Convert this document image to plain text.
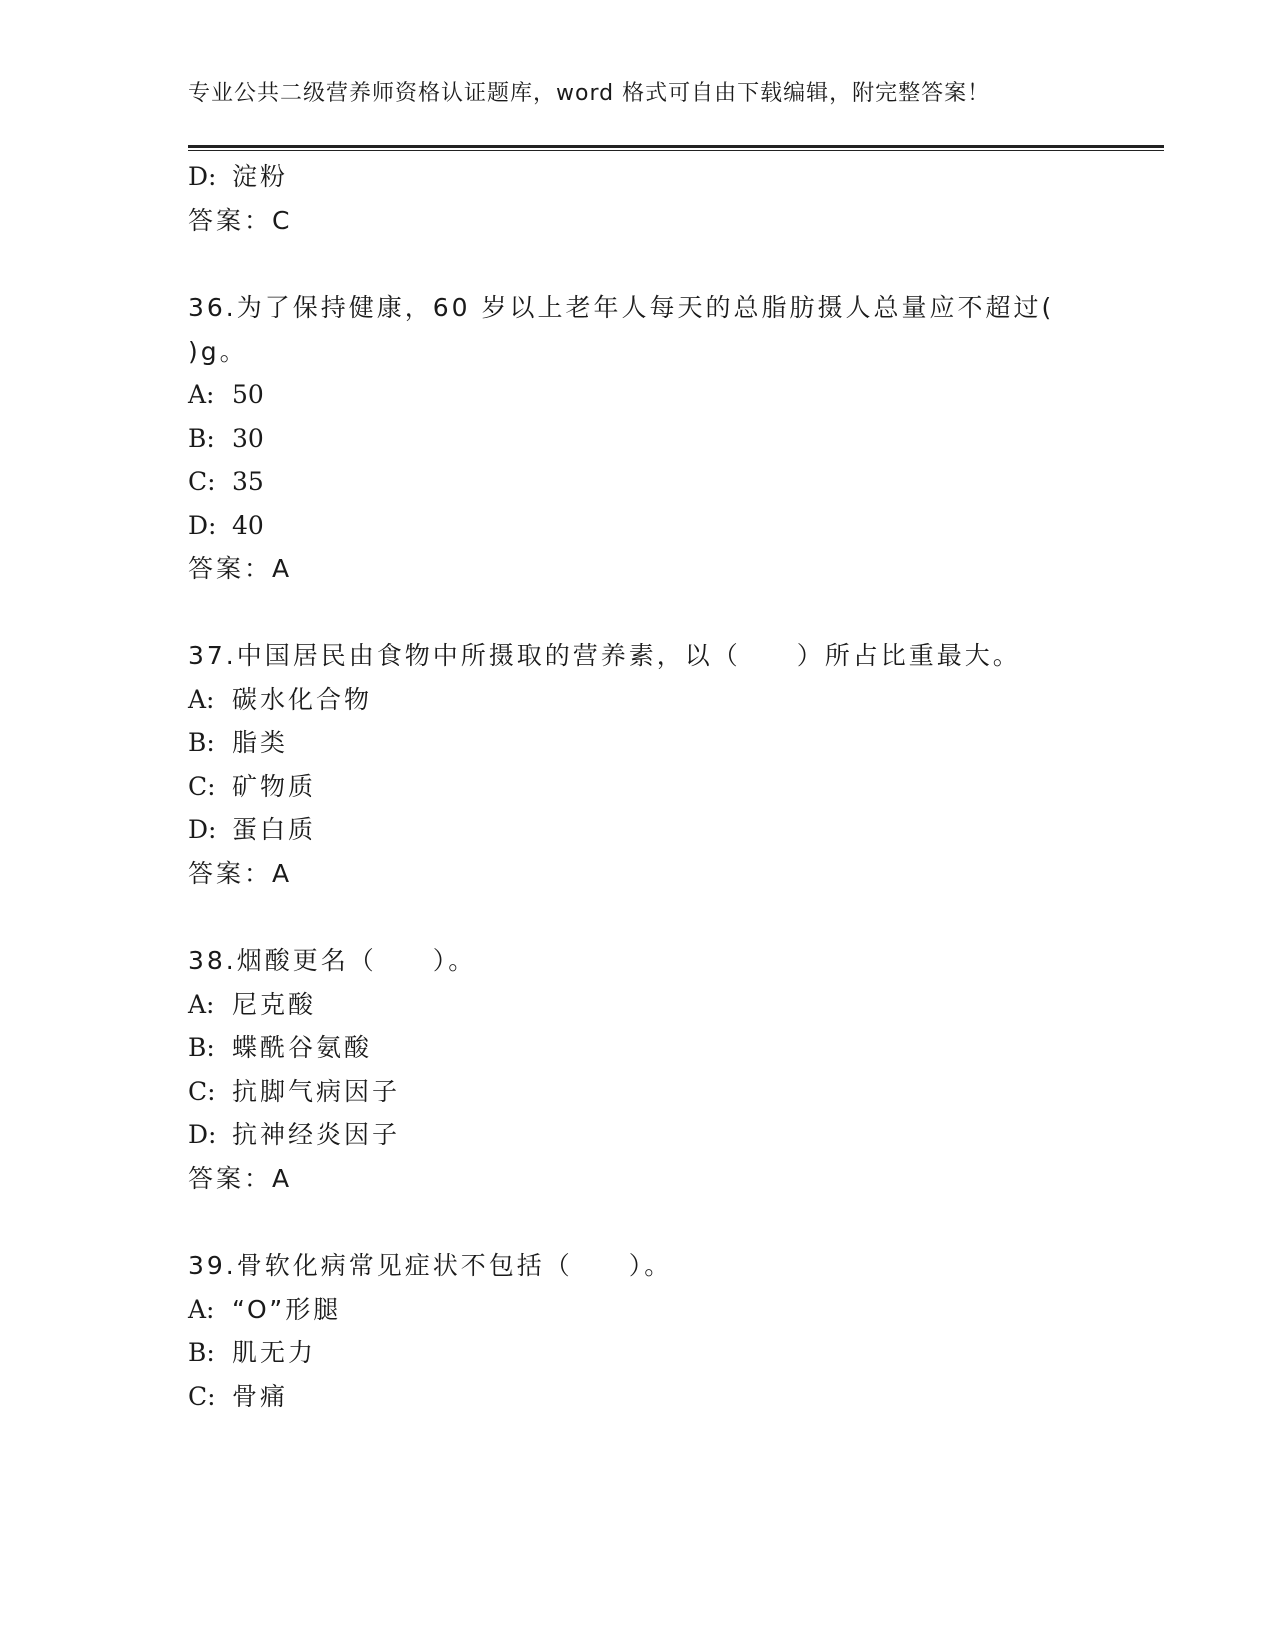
专业公共二级营养师资格认证题库，word 格式可自由下载编辑，附完整答案！
D: 淀粉
答案：C
36.为了保持健康，60 岁以上老年人每天的总脂肪摄人总量应不超过(
)g。
A: 50
B: 30
C: 35
D: 40
答案：A
37.中国居民由食物中所摄取的营养素，以（　　）所占比重最大。
A: 碳水化合物
B: 脂类
C: 矿物质
D: 蛋白质
答案：A
38.烟酸更名（　　）。
A: 尼克酸
B: 蝶酰谷氨酸
C: 抗脚气病因子
D: 抗神经炎因子
答案：A
39.骨软化病常见症状不包括（　　）。
A: “O”形腿
B: 肌无力
C: 骨痛
